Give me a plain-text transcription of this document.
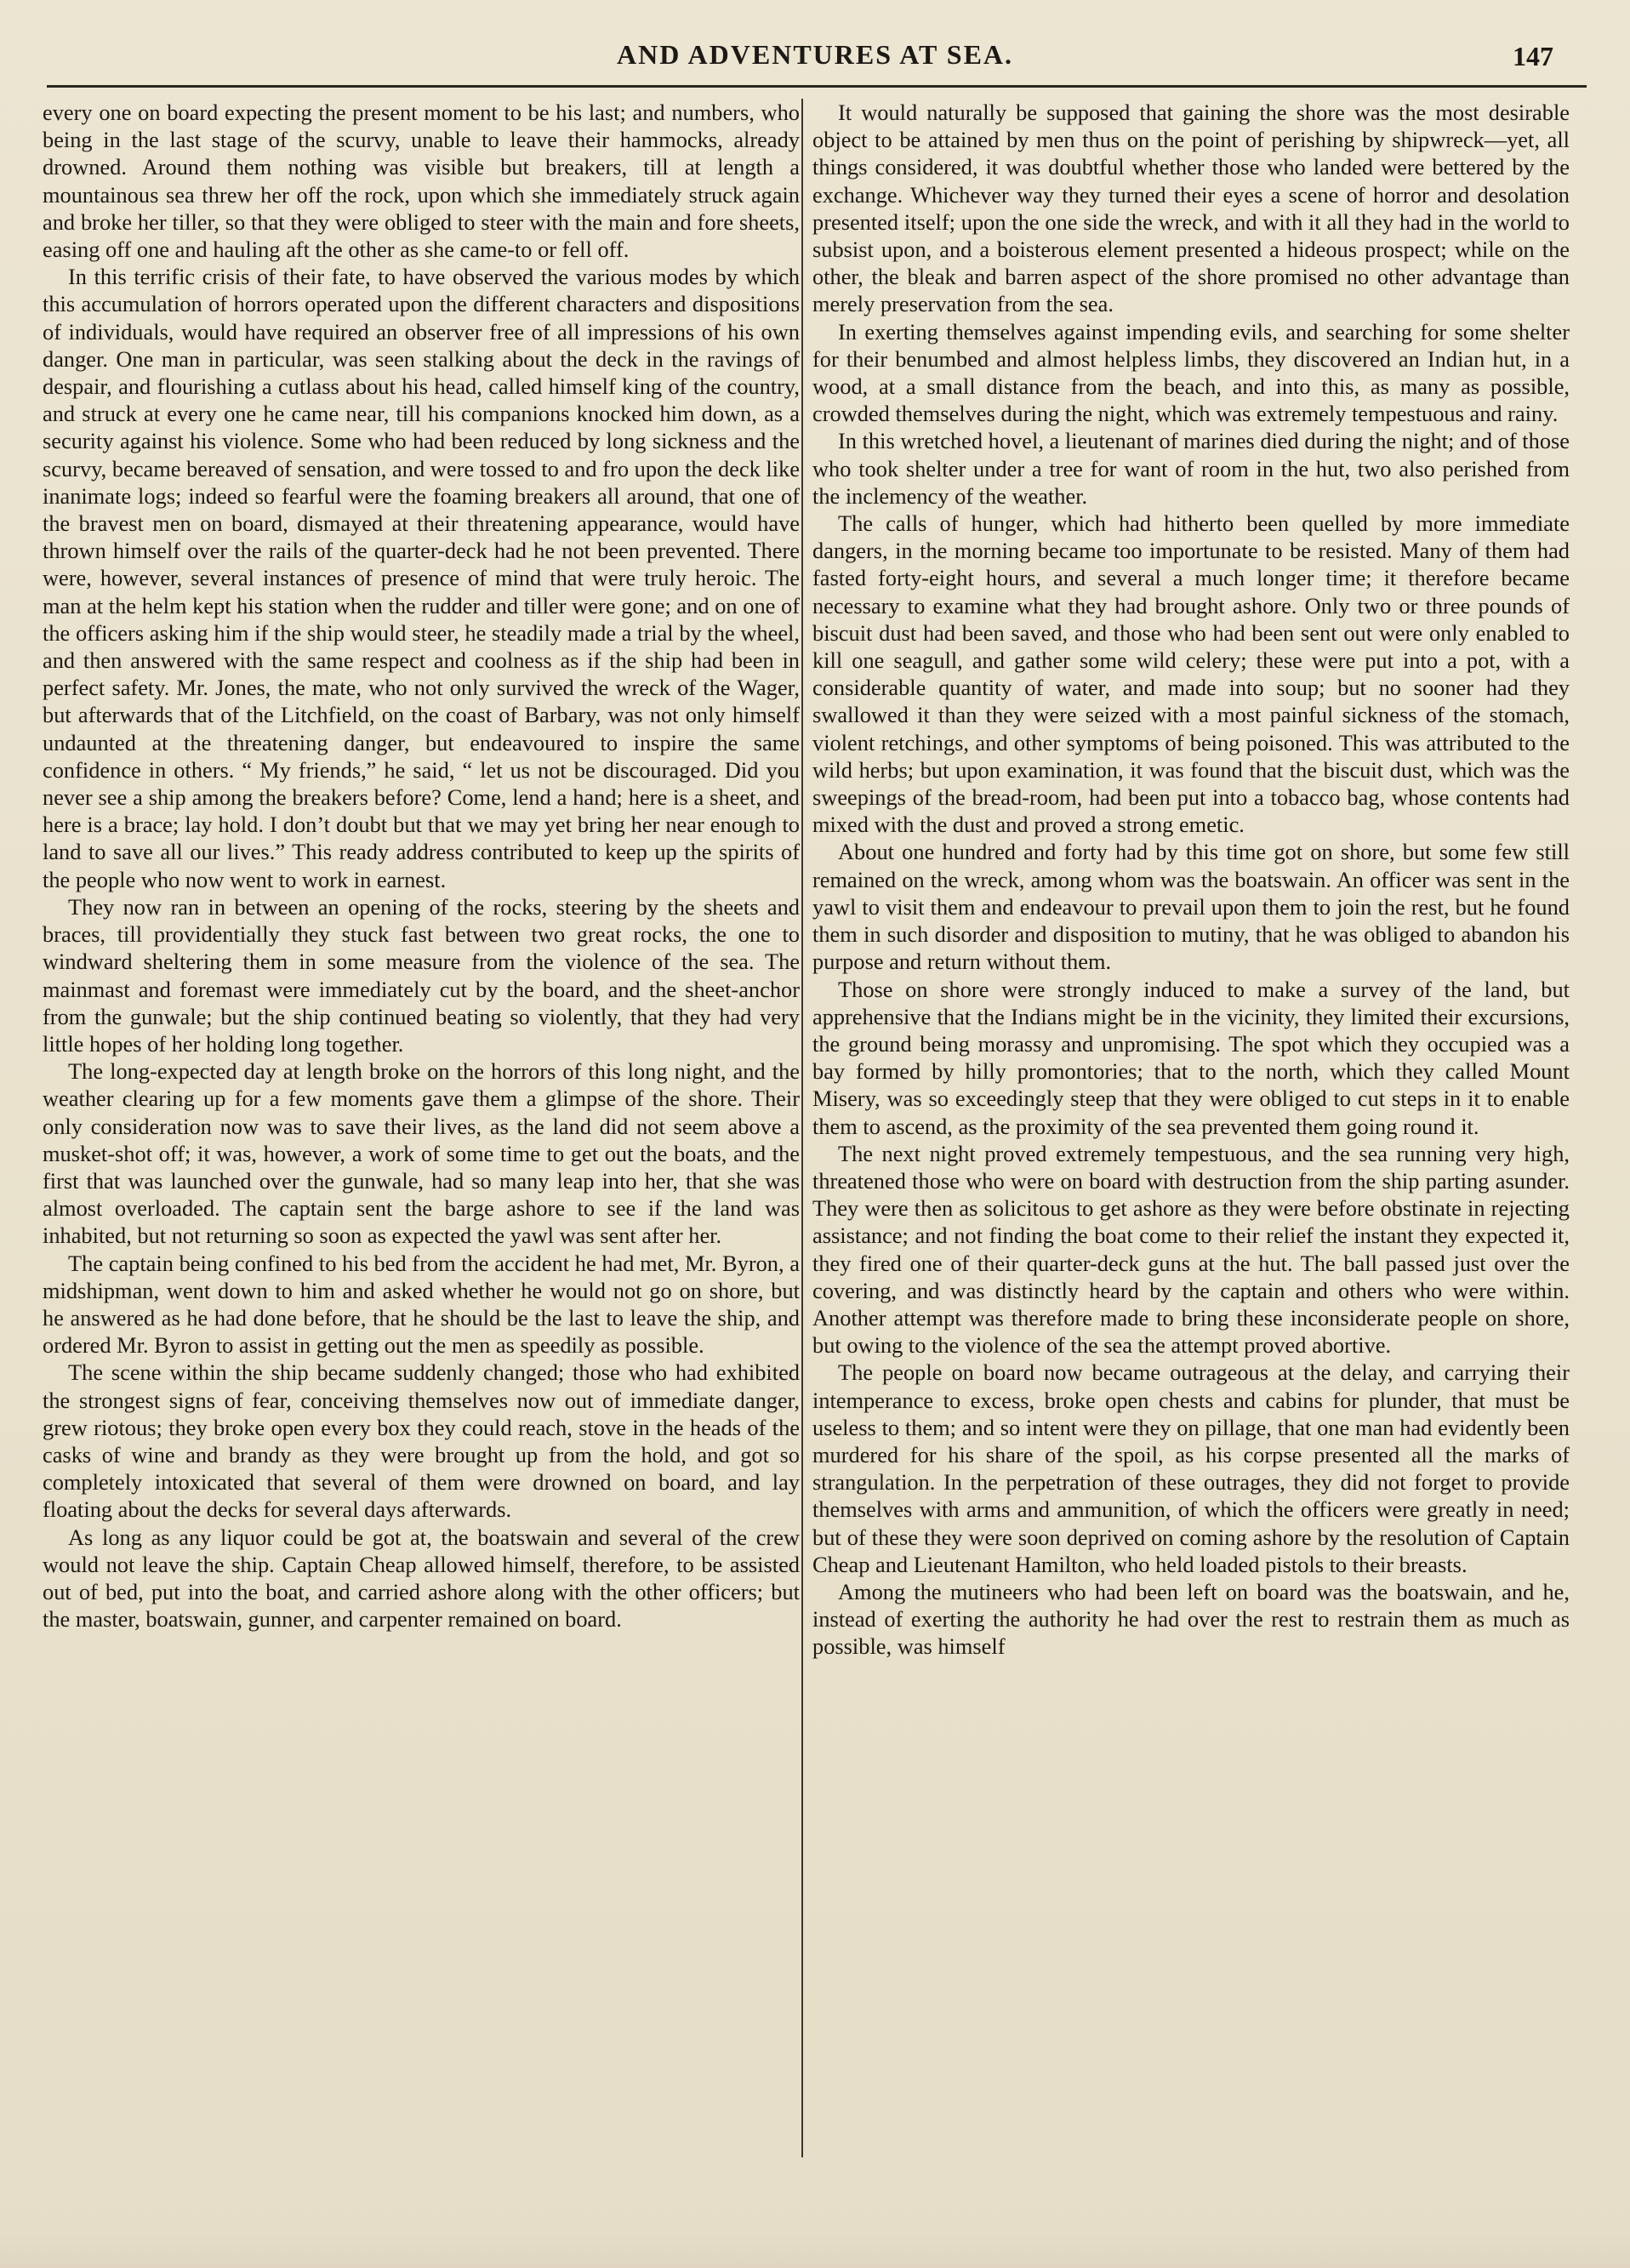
AND ADVENTURES AT SEA.	147

every one on board expecting the present moment to be his last; and numbers, who being in the last stage of the scurvy, unable to leave their hammocks, already drowned. Around them nothing was visible but breakers, till at length a mountainous sea threw her off the rock, upon which she immediately struck again and broke her tiller, so that they were obliged to steer with the main and fore sheets, easing off one and hauling aft the other as she came-to or fell off.

In this terrific crisis of their fate, to have observed the various modes by which this accumulation of horrors operated upon the different characters and dispositions of individuals, would have required an observer free of all impressions of his own danger. One man in particular, was seen stalking about the deck in the ravings of despair, and flourishing a cutlass about his head, called himself king of the country, and struck at every one he came near, till his companions knocked him down, as a security against his violence. Some who had been reduced by long sickness and the scurvy, became bereaved of sensation, and were tossed to and fro upon the deck like inanimate logs; indeed so fearful were the foaming breakers all around, that one of the bravest men on board, dismayed at their threatening appearance, would have thrown himself over the rails of the quarter-deck had he not been prevented. There were, however, several instances of presence of mind that were truly heroic. The man at the helm kept his station when the rudder and tiller were gone; and on one of the officers asking him if the ship would steer, he steadily made a trial by the wheel, and then answered with the same respect and coolness as if the ship had been in perfect safety. Mr. Jones, the mate, who not only survived the wreck of the Wager, but afterwards that of the Litchfield, on the coast of Barbary, was not only himself undaunted at the threatening danger, but endeavoured to inspire the same confidence in others. “ My friends,” he said, “ let us not be discouraged. Did you never see a ship among the breakers before? Come, lend a hand; here is a sheet, and here is a brace; lay hold. I don’t doubt but that we may yet bring her near enough to land to save all our lives.” This ready address contributed to keep up the spirits of the people who now went to work in earnest.

They now ran in between an opening of the rocks, steering by the sheets and braces, till providentially they stuck fast between two great rocks, the one to windward sheltering them in some measure from the violence of the sea. The mainmast and foremast were immediately cut by the board, and the sheet-anchor from the gunwale; but the ship continued beating so violently, that they had very little hopes of her holding long together.

The long-expected day at length broke on the horrors of this long night, and the weather clearing up for a few moments gave them a glimpse of the shore. Their only consideration now was to save their lives, as the land did not seem above a musket-shot off; it was, however, a work of some time to get out the boats, and the first that was launched over the gunwale, had so many leap into her, that she was almost overloaded. The captain sent the barge ashore to see if the land was inhabited, but not returning so soon as expected the yawl was sent after her.

The captain being confined to his bed from the accident he had met, Mr. Byron, a midshipman, went down to him and asked whether he would not go on shore, but he answered as he had done before, that he should be the last to leave the ship, and ordered Mr. Byron to assist in getting out the men as speedily as possible.

The scene within the ship became suddenly changed; those who had exhibited the strongest signs of fear, conceiving themselves now out of immediate danger, grew riotous; they broke open every box they could reach, stove in the heads of the casks of wine and brandy as they were brought up from the hold, and got so completely intoxicated that several of them were drowned on board, and lay floating about the decks for several days afterwards.

As long as any liquor could be got at, the boatswain and several of the crew would not leave the ship. Captain Cheap allowed himself, therefore, to be assisted out of bed, put into the boat, and carried ashore along with the other officers; but the master, boatswain, gunner, and carpenter remained on board.

It would naturally be supposed that gaining the shore was the most desirable object to be attained by men thus on the point of perishing by shipwreck—yet, all things considered, it was doubtful whether those who landed were bettered by the exchange. Whichever way they turned their eyes a scene of horror and desolation presented itself; upon the one side the wreck, and with it all they had in the world to subsist upon, and a boisterous element presented a hideous prospect; while on the other, the bleak and barren aspect of the shore promised no other advantage than merely preservation from the sea.

In exerting themselves against impending evils, and searching for some shelter for their benumbed and almost helpless limbs, they discovered an Indian hut, in a wood, at a small distance from the beach, and into this, as many as possible, crowded themselves during the night, which was extremely tempestuous and rainy.

In this wretched hovel, a lieutenant of marines died during the night; and of those who took shelter under a tree for want of room in the hut, two also perished from the inclemency of the weather.

The calls of hunger, which had hitherto been quelled by more immediate dangers, in the morning became too importunate to be resisted. Many of them had fasted forty-eight hours, and several a much longer time; it therefore became necessary to examine what they had brought ashore. Only two or three pounds of biscuit dust had been saved, and those who had been sent out were only enabled to kill one seagull, and gather some wild celery; these were put into a pot, with a considerable quantity of water, and made into soup; but no sooner had they swallowed it than they were seized with a most painful sickness of the stomach, violent retchings, and other symptoms of being poisoned. This was attributed to the wild herbs; but upon examination, it was found that the biscuit dust, which was the sweepings of the bread-room, had been put into a tobacco bag, whose contents had mixed with the dust and proved a strong emetic.

About one hundred and forty had by this time got on shore, but some few still remained on the wreck, among whom was the boatswain. An officer was sent in the yawl to visit them and endeavour to prevail upon them to join the rest, but he found them in such disorder and disposition to mutiny, that he was obliged to abandon his purpose and return without them.

Those on shore were strongly induced to make a survey of the land, but apprehensive that the Indians might be in the vicinity, they limited their excursions, the ground being morassy and unpromising. The spot which they occupied was a bay formed by hilly promontories; that to the north, which they called Mount Misery, was so exceedingly steep that they were obliged to cut steps in it to enable them to ascend, as the proximity of the sea prevented them going round it.

The next night proved extremely tempestuous, and the sea running very high, threatened those who were on board with destruction from the ship parting asunder. They were then as solicitous to get ashore as they were before obstinate in rejecting assistance; and not finding the boat come to their relief the instant they expected it, they fired one of their quarter-deck guns at the hut. The ball passed just over the covering, and was distinctly heard by the captain and others who were within. Another attempt was therefore made to bring these inconsiderate people on shore, but owing to the violence of the sea the attempt proved abortive.

The people on board now became outrageous at the delay, and carrying their intemperance to excess, broke open chests and cabins for plunder, that must be useless to them; and so intent were they on pillage, that one man had evidently been murdered for his share of the spoil, as his corpse presented all the marks of strangulation. In the perpetration of these outrages, they did not forget to provide themselves with arms and ammunition, of which the officers were greatly in need; but of these they were soon deprived on coming ashore by the resolution of Captain Cheap and Lieutenant Hamilton, who held loaded pistols to their breasts.

Among the mutineers who had been left on board was the boatswain, and he, instead of exerting the authority he had over the rest to restrain them as much as possible, was himself
